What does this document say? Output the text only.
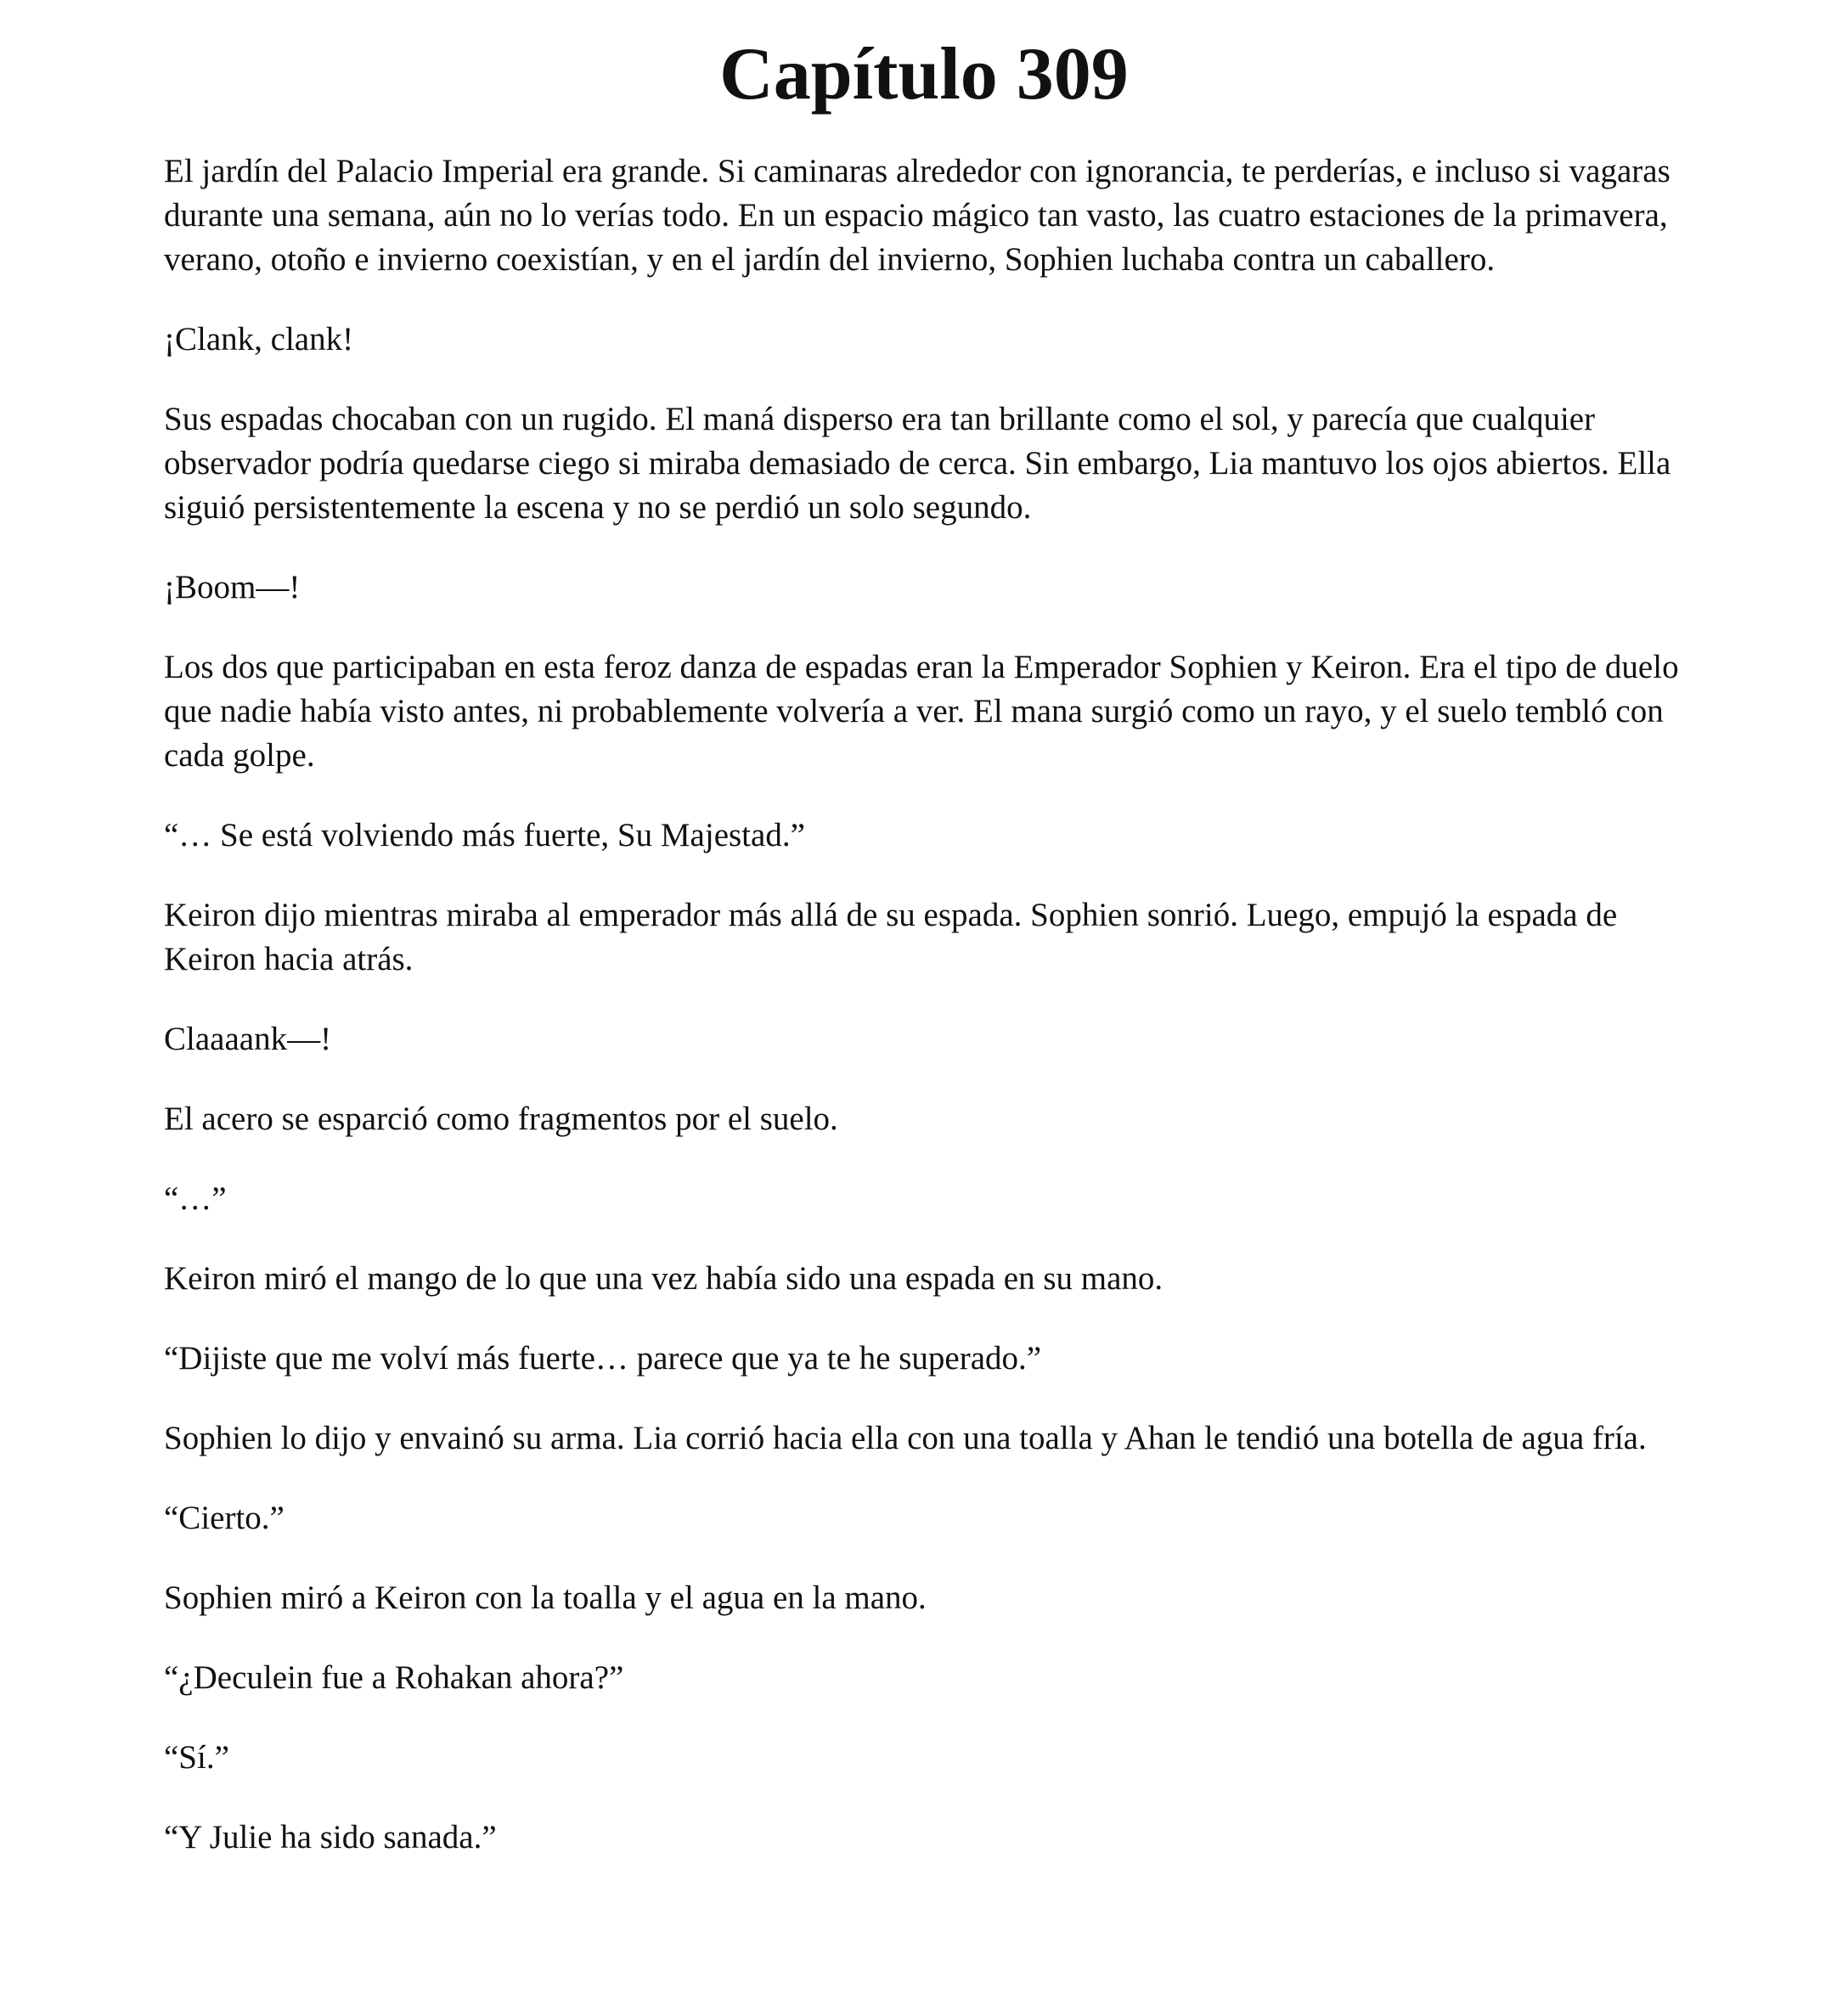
Capítulo 309

El jardín del Palacio Imperial era grande. Si caminaras alrededor con ignorancia, te perderías, e incluso si vagaras durante una semana, aún no lo verías todo. En un espacio mágico tan vasto, las cuatro estaciones de la primavera, verano, otoño e invierno coexistían, y en el jardín del invierno, Sophien luchaba contra un caballero.

¡Clank, clank!

Sus espadas chocaban con un rugido. El maná disperso era tan brillante como el sol, y parecía que cualquier observador podría quedarse ciego si miraba demasiado de cerca. Sin embargo, Lia mantuvo los ojos abiertos. Ella siguió persistentemente la escena y no se perdió un solo segundo.

¡Boom—!

Los dos que participaban en esta feroz danza de espadas eran la Emperador Sophien y Keiron. Era el tipo de duelo que nadie había visto antes, ni probablemente volvería a ver. El mana surgió como un rayo, y el suelo tembló con cada golpe.

“… Se está volviendo más fuerte, Su Majestad.”

Keiron dijo mientras miraba al emperador más allá de su espada. Sophien sonrió. Luego, empujó la espada de Keiron hacia atrás.

Claaaank—!

El acero se esparció como fragmentos por el suelo.

“…”

Keiron miró el mango de lo que una vez había sido una espada en su mano.

“Dijiste que me volví más fuerte… parece que ya te he superado.”

Sophien lo dijo y envainó su arma. Lia corrió hacia ella con una toalla y Ahan le tendió una botella de agua fría.

“Cierto.”

Sophien miró a Keiron con la toalla y el agua en la mano.

“¿Deculein fue a Rohakan ahora?”

“Sí.”

“Y Julie ha sido sanada.”
